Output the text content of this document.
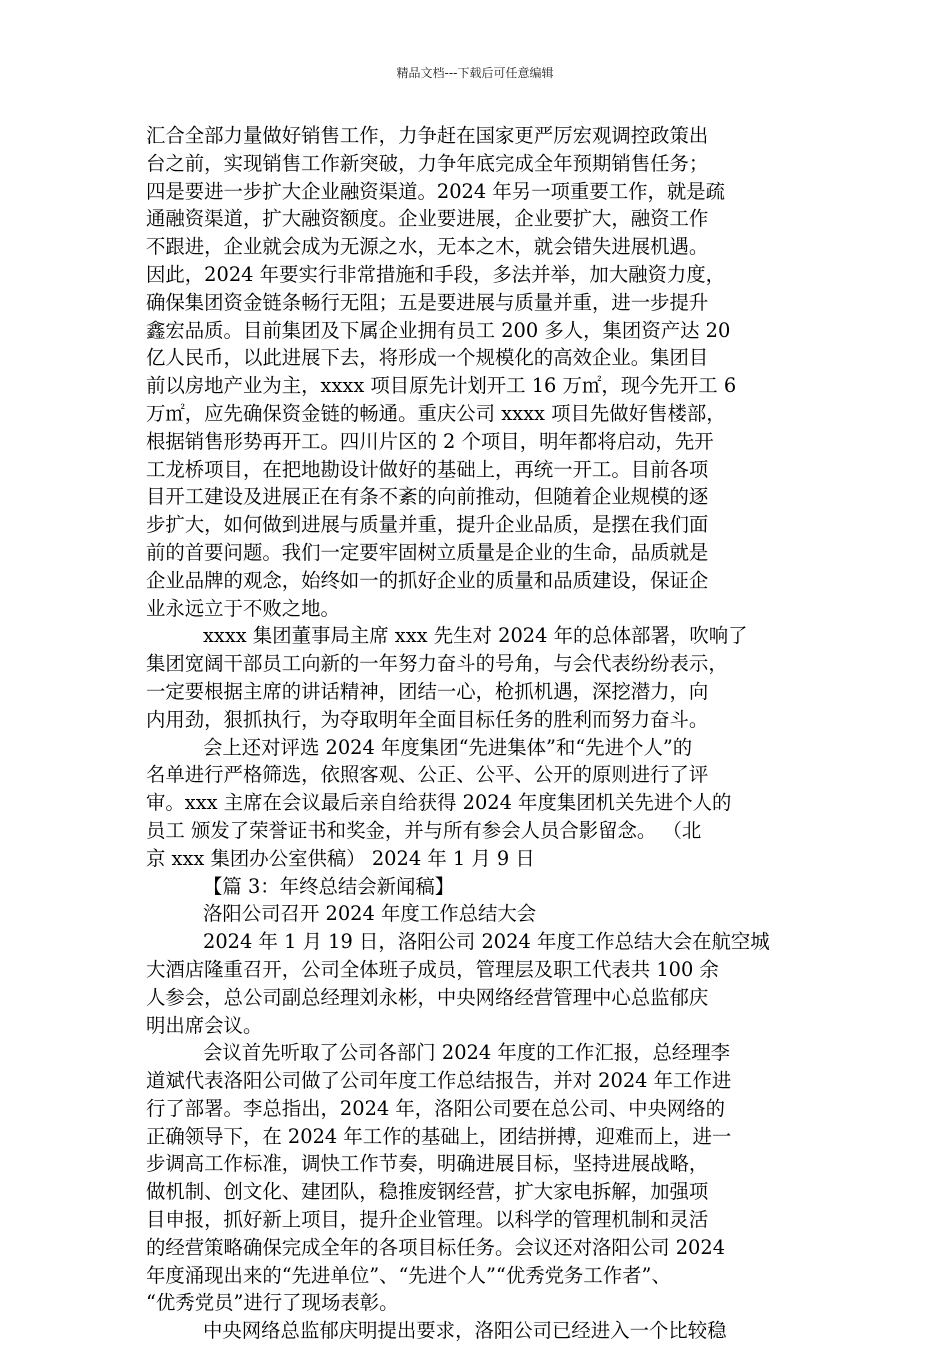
精品文档---下载后可任意编辑
汇合全部力量做好销售工作，力争赶在国家更严厉宏观调控政策出
台之前，实现销售工作新突破，力争年底完成全年预期销售任务；
四是要进一步扩大企业融资渠道。2024 年另一项重要工作，就是疏
通融资渠道，扩大融资额度。企业要进展，企业要扩大，融资工作
不跟进，企业就会成为无源之水，无本之木，就会错失进展机遇。
因此，2024 年要实行非常措施和手段，多法并举，加大融资力度，
确保集团资金链条畅行无阻；五是要进展与质量并重，进一步提升
鑫宏品质。目前集团及下属企业拥有员工 200 多人，集团资产达 20
亿人民币，以此进展下去，将形成一个规模化的高效企业。集团目
前以房地产业为主，xxxx 项目原先计划开工 16 万㎡，现今先开工 6
万㎡，应先确保资金链的畅通。重庆公司 xxxx 项目先做好售楼部，
根据销售形势再开工。四川片区的 2 个项目，明年都将启动，先开
工龙桥项目，在把地勘设计做好的基础上，再统一开工。目前各项
目开工建设及进展正在有条不紊的向前推动，但随着企业规模的逐
步扩大，如何做到进展与质量并重，提升企业品质，是摆在我们面
前的首要问题。我们一定要牢固树立质量是企业的生命，品质就是
企业品牌的观念，始终如一的抓好企业的质量和品质建设，保证企
业永远立于不败之地。
xxxx 集团董事局主席 xxx 先生对 2024 年的总体部署，吹响了
集团宽阔干部员工向新的一年努力奋斗的号角，与会代表纷纷表示，
一定要根据主席的讲话精神，团结一心，枪抓机遇，深挖潜力，向
内用劲，狠抓执行，为夺取明年全面目标任务的胜利而努力奋斗。
会上还对评选 2024 年度集团“先进集体”和“先进个人”的
名单进行严格筛选，依照客观、公正、公平、公开的原则进行了评
审。xxx 主席在会议最后亲自给获得 2024 年度集团机关先进个人的
员工 颁发了荣誉证书和奖金，并与所有参会人员合影留念。 （北
京 xxx 集团办公室供稿） 2024 年 1 月 9 日
【篇 3：年终总结会新闻稿】
洛阳公司召开 2024 年度工作总结大会
2024 年 1 月 19 日，洛阳公司 2024 年度工作总结大会在航空城
大酒店隆重召开，公司全体班子成员，管理层及职工代表共 100 余
人参会，总公司副总经理刘永彬，中央网络经营管理中心总监郁庆
明出席会议。
会议首先听取了公司各部门 2024 年度的工作汇报，总经理李
道斌代表洛阳公司做了公司年度工作总结报告，并对 2024 年工作进
行了部署。李总指出，2024 年，洛阳公司要在总公司、中央网络的
正确领导下，在 2024 年工作的基础上，团结拼搏，迎难而上，进一
步调高工作标准，调快工作节奏，明确进展目标，坚持进展战略，
做机制、创文化、建团队，稳推废钢经营，扩大家电拆解，加强项
目申报，抓好新上项目，提升企业管理。以科学的管理机制和灵活
的经营策略确保完成全年的各项目标任务。会议还对洛阳公司 2024
年度涌现出来的“先进单位”、“先进个人”“优秀党务工作者”、
“优秀党员”进行了现场表彰。
中央网络总监郁庆明提出要求，洛阳公司已经进入一个比较稳
